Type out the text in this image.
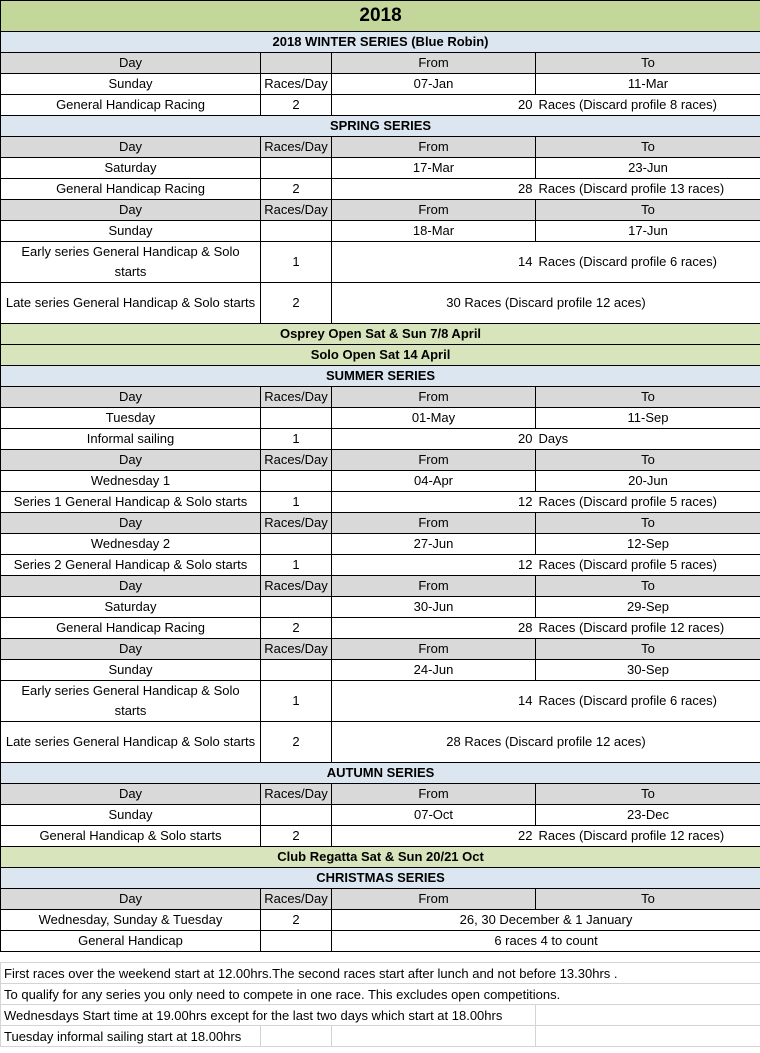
2018			
2018 WINTER SERIES (Blue Robin)			
Day		From	To
Sunday	Races/Day	07-Jan	11-Mar
General Handicap Racing	2	20	Races (Discard profile 8 races)
SPRING SERIES			
Day	Races/Day	From	To
Saturday		17-Mar	23-Jun
General Handicap Racing	2	28	Races (Discard profile 13 races)
Day	Races/Day	From	To
Sunday		18-Mar	17-Jun
Early series General Handicap & Solo starts	1	14	Races (Discard profile 6 races)
Late series General Handicap & Solo starts	2	30 Races (Discard profile 12 aces)	
Osprey Open Sat & Sun 7/8 April			
Solo Open Sat 14 April			
SUMMER SERIES			
Day	Races/Day	From	To
Tuesday		01-May	11-Sep
Informal sailing	1	20	Days
Day	Races/Day	From	To
Wednesday 1		04-Apr	20-Jun
Series 1 General Handicap & Solo starts	1	12	Races (Discard profile 5 races)
Day	Races/Day	From	To
Wednesday 2		27-Jun	12-Sep
Series 2 General Handicap & Solo starts	1	12	Races (Discard profile 5 races)
Day	Races/Day	From	To
Saturday		30-Jun	29-Sep
General Handicap Racing	2	28	Races (Discard profile 12 races)
Day	Races/Day	From	To
Sunday		24-Jun	30-Sep
Early series General Handicap & Solo starts	1	14	Races (Discard profile 6 races)
Late series General Handicap & Solo starts	2	28 Races (Discard profile 12 aces)	
AUTUMN SERIES			
Day	Races/Day	From	To
Sunday		07-Oct	23-Dec
General Handicap & Solo starts	2	22	Races (Discard profile 12 races)
Club Regatta Sat & Sun 20/21 Oct			
CHRISTMAS SERIES			
Day	Races/Day	From	To
Wednesday, Sunday & Tuesday	2	26, 30 December & 1 January	
General Handicap		6 races 4 to count	
First races over the weekend start at 12.00hrs.The second races start after lunch and not before 13.30hrs .			
To qualify for any series you only need to compete in one race. This excludes open competitions.			
Wednesdays Start time at 19.00hrs except for the last two days which start at 18.00hrs			
Tuesday informal sailing start at 18.00hrs			
